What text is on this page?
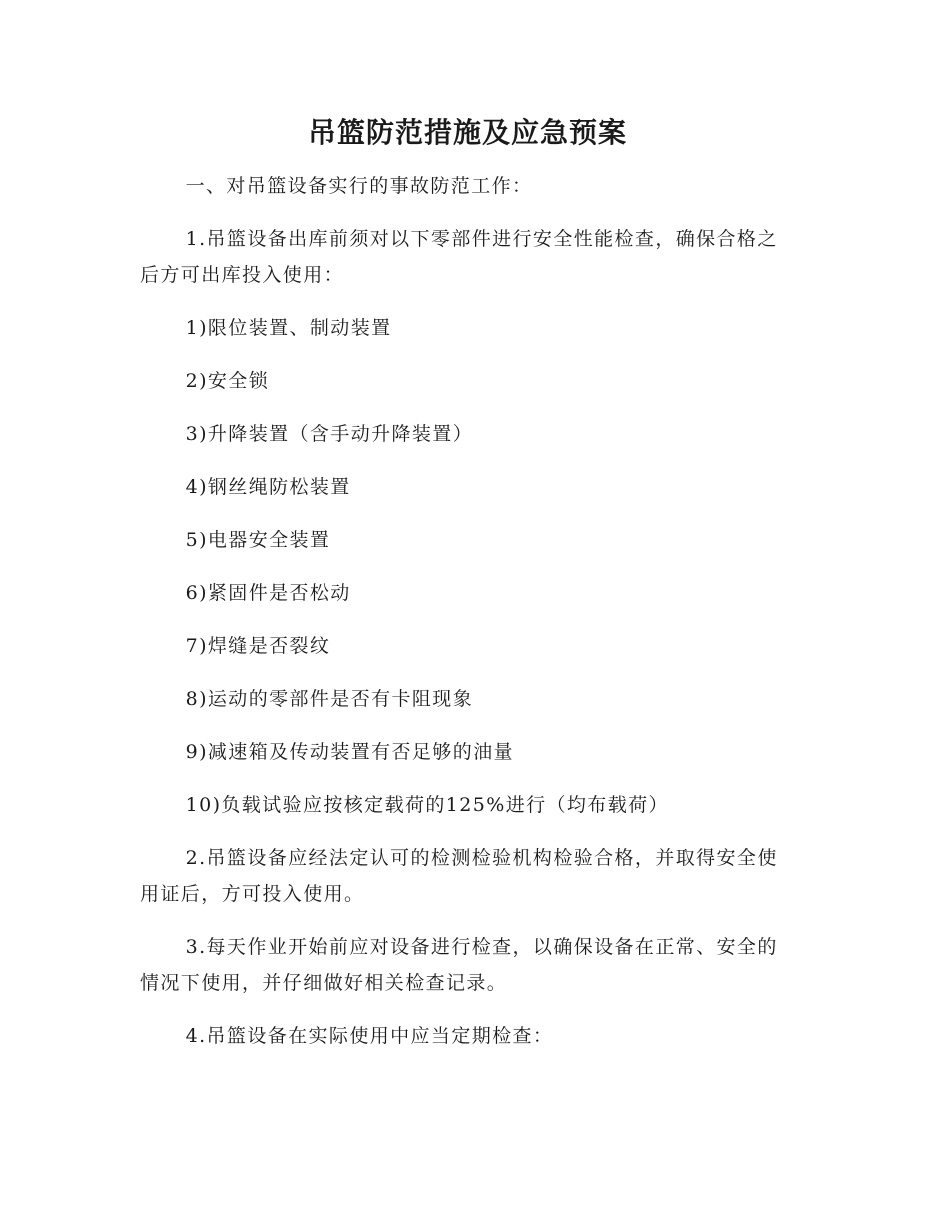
吊篮防范措施及应急预案

一、对吊篮设备实行的事故防范工作：

1.吊篮设备出库前须对以下零部件进行安全性能检查，确保合格之后方可出库投入使用：

1)限位装置、制动装置

2)安全锁

3)升降装置（含手动升降装置）

4)钢丝绳防松装置

5)电器安全装置

6)紧固件是否松动

7)焊缝是否裂纹

8)运动的零部件是否有卡阻现象

9)减速箱及传动装置有否足够的油量

10)负载试验应按核定载荷的125%进行（均布载荷）

2.吊篮设备应经法定认可的检测检验机构检验合格，并取得安全使用证后，方可投入使用。

3.每天作业开始前应对设备进行检查，以确保设备在正常、安全的情况下使用，并仔细做好相关检查记录。

4.吊篮设备在实际使用中应当定期检查：
